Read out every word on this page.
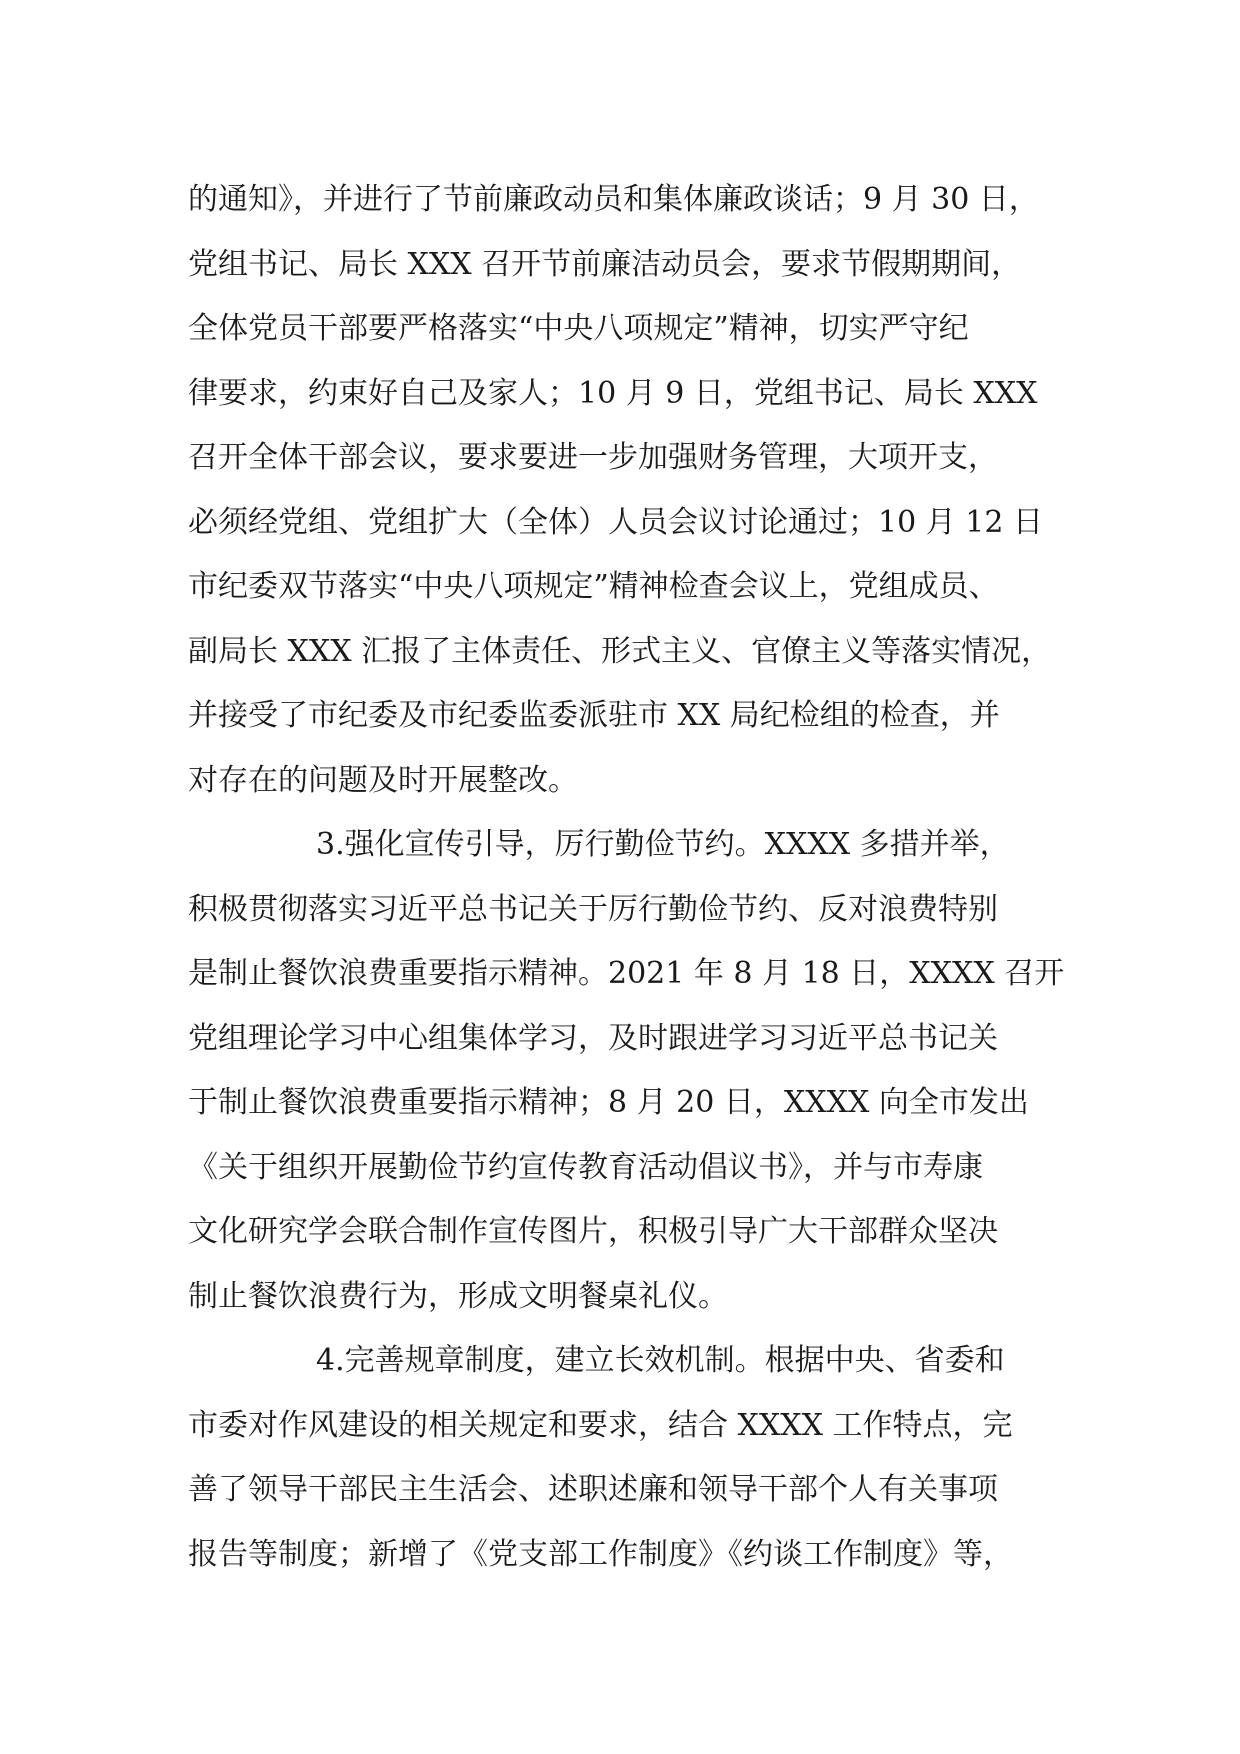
的通知》，并进行了节前廉政动员和集体廉政谈话；9 月 30 日，
党组书记、局长 XXX 召开节前廉洁动员会，要求节假期期间，
全体党员干部要严格落实“中央八项规定”精神，切实严守纪
律要求，约束好自己及家人；10 月 9 日，党组书记、局长 XXX
召开全体干部会议，要求要进一步加强财务管理，大项开支，
必须经党组、党组扩大（全体）人员会议讨论通过；10 月 12 日
市纪委双节落实“中央八项规定”精神检查会议上，党组成员、
副局长 XXX 汇报了主体责任、形式主义、官僚主义等落实情况，
并接受了市纪委及市纪委监委派驻市 XX 局纪检组的检查，并
对存在的问题及时开展整改。
3.强化宣传引导，厉行勤俭节约。XXXX 多措并举，
积极贯彻落实习近平总书记关于厉行勤俭节约、反对浪费特别
是制止餐饮浪费重要指示精神。2021 年 8 月 18 日，XXXX 召开
党组理论学习中心组集体学习，及时跟进学习习近平总书记关
于制止餐饮浪费重要指示精神；8 月 20 日，XXXX 向全市发出
《关于组织开展勤俭节约宣传教育活动倡议书》，并与市寿康
文化研究学会联合制作宣传图片，积极引导广大干部群众坚决
制止餐饮浪费行为，形成文明餐桌礼仪。
4.完善规章制度，建立长效机制。根据中央、省委和
市委对作风建设的相关规定和要求，结合 XXXX 工作特点，完
善了领导干部民主生活会、述职述廉和领导干部个人有关事项
报告等制度；新增了《党支部工作制度》《约谈工作制度》等，
